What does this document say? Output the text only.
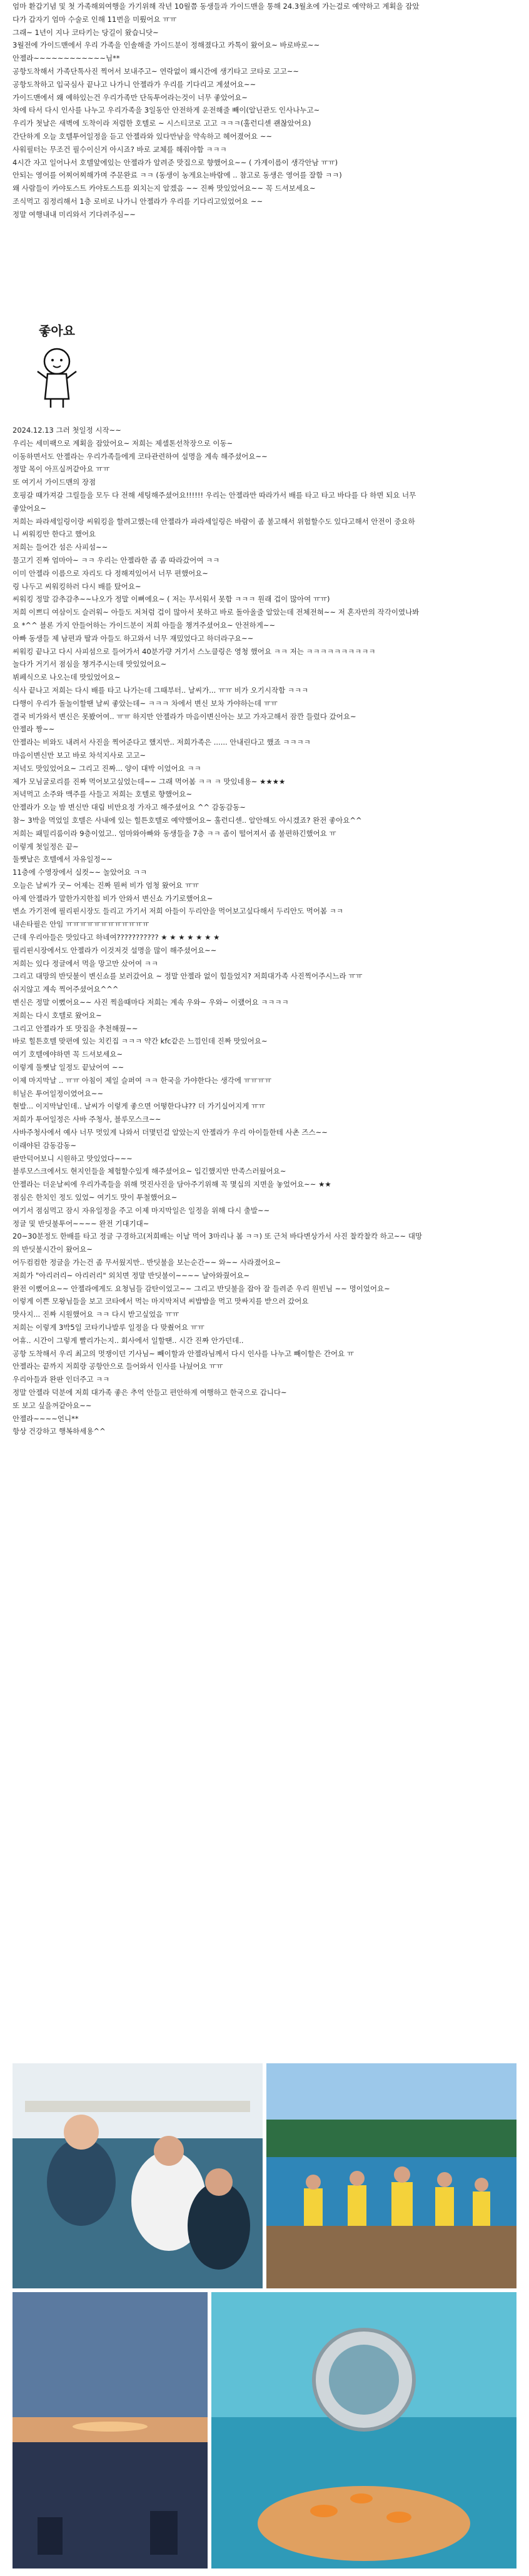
엄마 환갑기념 및 첫 가족해외여행을 가기위해 작년 10월쯤 동생들과 가이드맨을 통해 24.3월초에 가는걸로 예약하고 계획을 잡았
다가 갑자기 엄마 수술로 인해 11번을 미뤘어요 ㅠㅠ
그래~ 1년이 지나 코타키는 당길이 왔습니닷~
3월전에 가이드맨에서 우리 가족을 인솔해줄 가이드분이 정해졌다고 카톡이 왔어요~ 바로바로~~
안젤라~~~~~~~~~~~~님**
공항도착해서 가족단톡사진 찍어서 보내주고~ 연락없이 왜시간에 생기타고 코타로 고고~~
공항도착하고 입국심사 끝나고 나가니 안젤라가 우리를 기다리고 계셨어요~~
가이드맨에서 왜 예하있는건 우리가족만 단독투어라는것이 너무 좋았어요~
차에 타서 다시 인사를 나누고 우리가족을 3일동안 안전하게 운전해줄 빼이(알닌관도 인사나누고~
우리가 첫날은 새벽에 도착이라 저렴한 호텔로 ~ 시스티코로 고고 ㅋㅋㅋ(훌런디센 괜찮았어요)
간단하게 오늘 호텔투어일정을 듣고 안젤라와 있다만남을 약속하고 헤어졌어요 ~~
사워필터는 무조건 필수이신거 아시죠? 바로 교체를 해줘야함 ㅋㅋㅋ
4시간 자고 일어나서 호텔앞에있는 안젤라가 알려준 맛집으로 향했어요~~ ( 가게이름이 생각안남 ㅠㅠ)
안되는 영어를 어찌어찌해가며 주문완료 ㅋㅋ (동생이 농게요는바람에 .. 참고로 동생은 영어를 잘함 ㅋㅋ)
왜 사람들이 카야토스트 카야토스트를 외치는지 알겠음 ~~ 진짜 맛있었어요~~ 꼭 드셔보세요~
조식먹고 짐정리해서 1층 로비로 나가니 안젤라가 우리를 기다리고있었어요 ~~
정말 여행내내 미리와서 기다려주심~~
좋아요
2024.12.13 그러 첫일정 시작~~
우리는 세미팩으로 계획을 잡았어요~ 저희는 제셀톤선착장으로 이동~
이동하면서도 안젤라는 우리가족들에게 코타관련하여 설명을 계속 해주셨어요~~
정말 목이 아프실꺼같아요 ㅠㅠ
또 여기서 가이드맨의 장점
호핑갈 때가져갈 그릴들을 모두 다 전해 세팅해주셨어요!!!!!! 우리는 안젤라만 따라가서 배를 타고 타고 바다를 다 하면 되요 너무
좋았어요~
저희는 파라세일링이랑 씨워킹을 할려고했는데 안젤라가 파라세일링은 바람이 좀 불고해서 위험할수도 있다고해서 안전이 중요하
니 씨워킹만 한다고 했어요
저희는 들어간 섬은 사피섬~~
물고기 진짜 엄마아~ ㅋㅋ 우리는 안젤라한 좀 좀 따라갔어여 ㅋㅋ
이미 안젤라 이름으로 자리도 다 정해져있어서 너무 편했어요~
링 나두고 씨워킹하러 다시 배를 탔어요~
씨워킹 정말 감추감추~~나오가 정말 이뻐에요~ ( 저는 무서워서 못함 ㅋㅋㅋ 원래 겁이 많아여 ㅠㅠ)
저희 이쁘디 여삼이도 슬러워~ 아들도 저처럼 겁이 많아서 못하고 바로 돌아올줄 알았는데 전체전혀~~ 저 혼자만의 작각이였나봐
요 *^^ 블론 가지 안들어하는 가이드분이 저희 아들을 챙겨주셨어요~ 안전하게~~
아빠 동생들 제 남편과 딸과 아들도 하고와서 너무 재밌었다고 하더라구요~~
씨워킹 끝나고 다시 사피섬으로 들어가서 40분가량 거기서 스노클링은 영청 했어요 ㅋㅋ 저는 ㅋㅋㅋㅋㅋㅋㅋㅋㅋㅋ
놀다가 거기서 점심을 챙겨주시는데 맛있었어요~
뷔페식으로 나오는데 맛있었어요~
식사 끝나고 저희는 다시 배를 타고 나가는데 그때부터.. 날씨가... ㅠㅠ 비가 오기시작함 ㅋㅋㅋ
다행이 우리가 돌놀이할땐 날씨 좋았는데~ ㅋㅋㅋ 차에서 변신 보차 가야하는데 ㅠㅠ
결국 비가와서 변신은 못봤어여.. ㅠㅠ 하지만 안젤라가 마음이변신아는 보고 가자고해서 잠깐 들렀다 갔어요~
안젤라 짱~~
안젤라는 비와도 내려서 사진을 찍어준다고 했지만.. 저희가족은 ...... 안내린다고 했죠 ㅋㅋㅋㅋ
마음이변신만 보고 바로 차석지사로 고고~
저녁도 맛있었어요~ 그리고 진짜... 양이 대박 이었어요 ㅋㅋ
제가 모님굴로리를 진짜 먹어보고싶었는데~~ 그래 먹어봄 ㅋㅋ ㅋ 맛있네용~ ★★★★
저녁먹고 소주와 맥주를 사들고 저희는 호텔로 향했어요~
안젤라가 오늘 밤 변신만 대림 비만요정 가자고 해주셨어요 ^^ 감동감동~
참~ 3박을 먹었일 호텔은 사내에 있는 힐튼호텔로 예약했어요~ 훌런디센.. 알안해도 아시겠죠? 완전 좋아요^^
저희는 패밀리룸이라 9층이었고.. 엄마와아빠와 동생들을 7층 ㅋㅋ 좀이 떨어져서 좀 불편하긴했어요 ㅠ
이렇게 첫일정은 끝~
둘쨋날은 호텔에서 자유일정~~
11층에 수영장에서 실컷~~ 놀았어요 ㅋㅋ
오늘은 날씨가 굿~ 어제는 진짜 뭔써 비가 엄청 왔어요 ㅠㅠ
아제 안젤라가 말한가지한칩 비가 안와서 변신쇼 가기로했어요~
변쇼 가기전에 필리핀시장도 들리고 가기서 저희 아들이 두리안을 먹어보고싶다해서 두리안도 먹어봄 ㅋㅋ
내손타필은 안임 ㅠㅠㅠㅠㅠㅠㅠㅠㅠㅠㅠㅠ
근데 우리아들은 맛있다고 하네여??????????? ★ ★ ★ ★ ★ ★ ★
필리핀시장에서도 안젤라가 이것저것 설명을 많이 해주셨어요~~
저희는 있다 정글에서 먹을 망고만 샀어여 ㅋㅋ
그리고 대망의 반딧불이 변신쇼를 보러갔어요 ~ 정말 안젤라 없이 힘들었지? 저희대가족 사진찍어주시느라 ㅠㅠ
쉬지않고 계속 찍어주셨어요^^^
변신은 정말 이뻤어요~~ 사진 찍을때마다 저희는 계속 우와~ 우와~ 이랬어요 ㅋㅋㅋㅋ
저희는 다시 호텔로 왔어요~
그리고 안젤라가 또 맛집을 추천해줬~~
바로 힐튼호텔 맞편에 있는 치킨집 ㅋㅋㅋ 약간 kfc같은 느낌인데 진짜 맛있어요~
여기 호텔에야하면 꼭 드셔보세요~
이렇게 둘쨋날 일정도 끝났어여 ~~
이제 마지막날 .. ㅠㅠ 아침이 제일 슬퍼여 ㅋㅋ 한국을 가야한다는 생각에 ㅠㅠㅠㅠ
히닐은 투어일정이였어요~~
현발... 이지막날인데.. 날씨가 이렇게 좋으면 어떻한다냐?? 더 가기실어지게 ㅠㅠ
저희가 투어일정은 사바 주청사, 블루모스크~~
사바주청사에서 예사 너무 멋있게 나와서 더몇던걸 알았는지 안젤라가 우리 아이들한테 사촌 즈스~~
이래야된 감동감동~
판만덕어보니 시원하고 맛있었다~~~
블루모스크에서도 현지인들을 체험할수있게 해주셨어요~ 입긴했지만 만족스러웠어요~
안젤라는 더운날씨에 우리가족들을 위해 멋진사진을 담아주기위해 꼭 몇십의 지면을 놓었어요~~ ★★
점심은 한치인 정도 있었~ 여기도 맛이 투철했어요~
여기서 점심먹고 잠시 자유일정을 주고 이제 마지막일은 일정을 위해 다시 출발~~
정글 및 반딧불투어~~~~ 완전 기대기대~
20~30분정도 한배를 타고 정글 구경하고(저희배는 이날 먹어 3마리나 봄 ㅋㅋ) 또 근처 바다변상가서 사진 찰칵찰칵 하고~~ 대망
의 반딧불시간이 왔어요~
어두컴컴한 정글을 가는건 좀 무서웠지만.. 반딧불을 보는순간~~ 와~~ 사라졌어요~
저희가 "아리러리~ 아리러리" 외치면 정말 반딧불이~~~~ 날아와줬어요~
완전 이뻤어요~~ 안젤라에게도 요청님들 감탄이었고~~ 그리고 반딧불을 잡아 잘 들려준 우리 원빈님 ~~ 멍이었어요~
이렇게 이쁜 모왕님들을 보고 코타에서 먹는 마지막저녁 씨밥밥을 먹고 맛싸지를 받으러 갔어요
맛사지... 진짜 시원했어요 ㅋㅋ 다시 받고싶었음 ㅠㅠ
저희는 이렇게 3박5일 코타키나발루 일정을 다 맞췄어요 ㅠㅠ
어휴.. 시간이 그렇게 빨리가는지.. 회사에서 일할땐.. 시간 진짜 안가던데..
공항 도착해서 우리 최고의 멋쟁이던 기사님~ 빼이할과 안젤라님께서 다시 인사를 나누고 빼이할은 간어요 ㅠ
안젤라는 끝까지 저희랑 공항안으로 들어와서 인사를 나눴어요 ㅠㅠ
우리아들과 완판 인더주고 ㅋㅋ
정말 안젤라 덕분에 저희 대가족 좋은 추억 안들고 편안하게 여행하고 한국으로 갑니다~
또 보고 싶을꺼같아요~~
안젤라~~~~언니**
항상 건강하고 행복하세용^^
